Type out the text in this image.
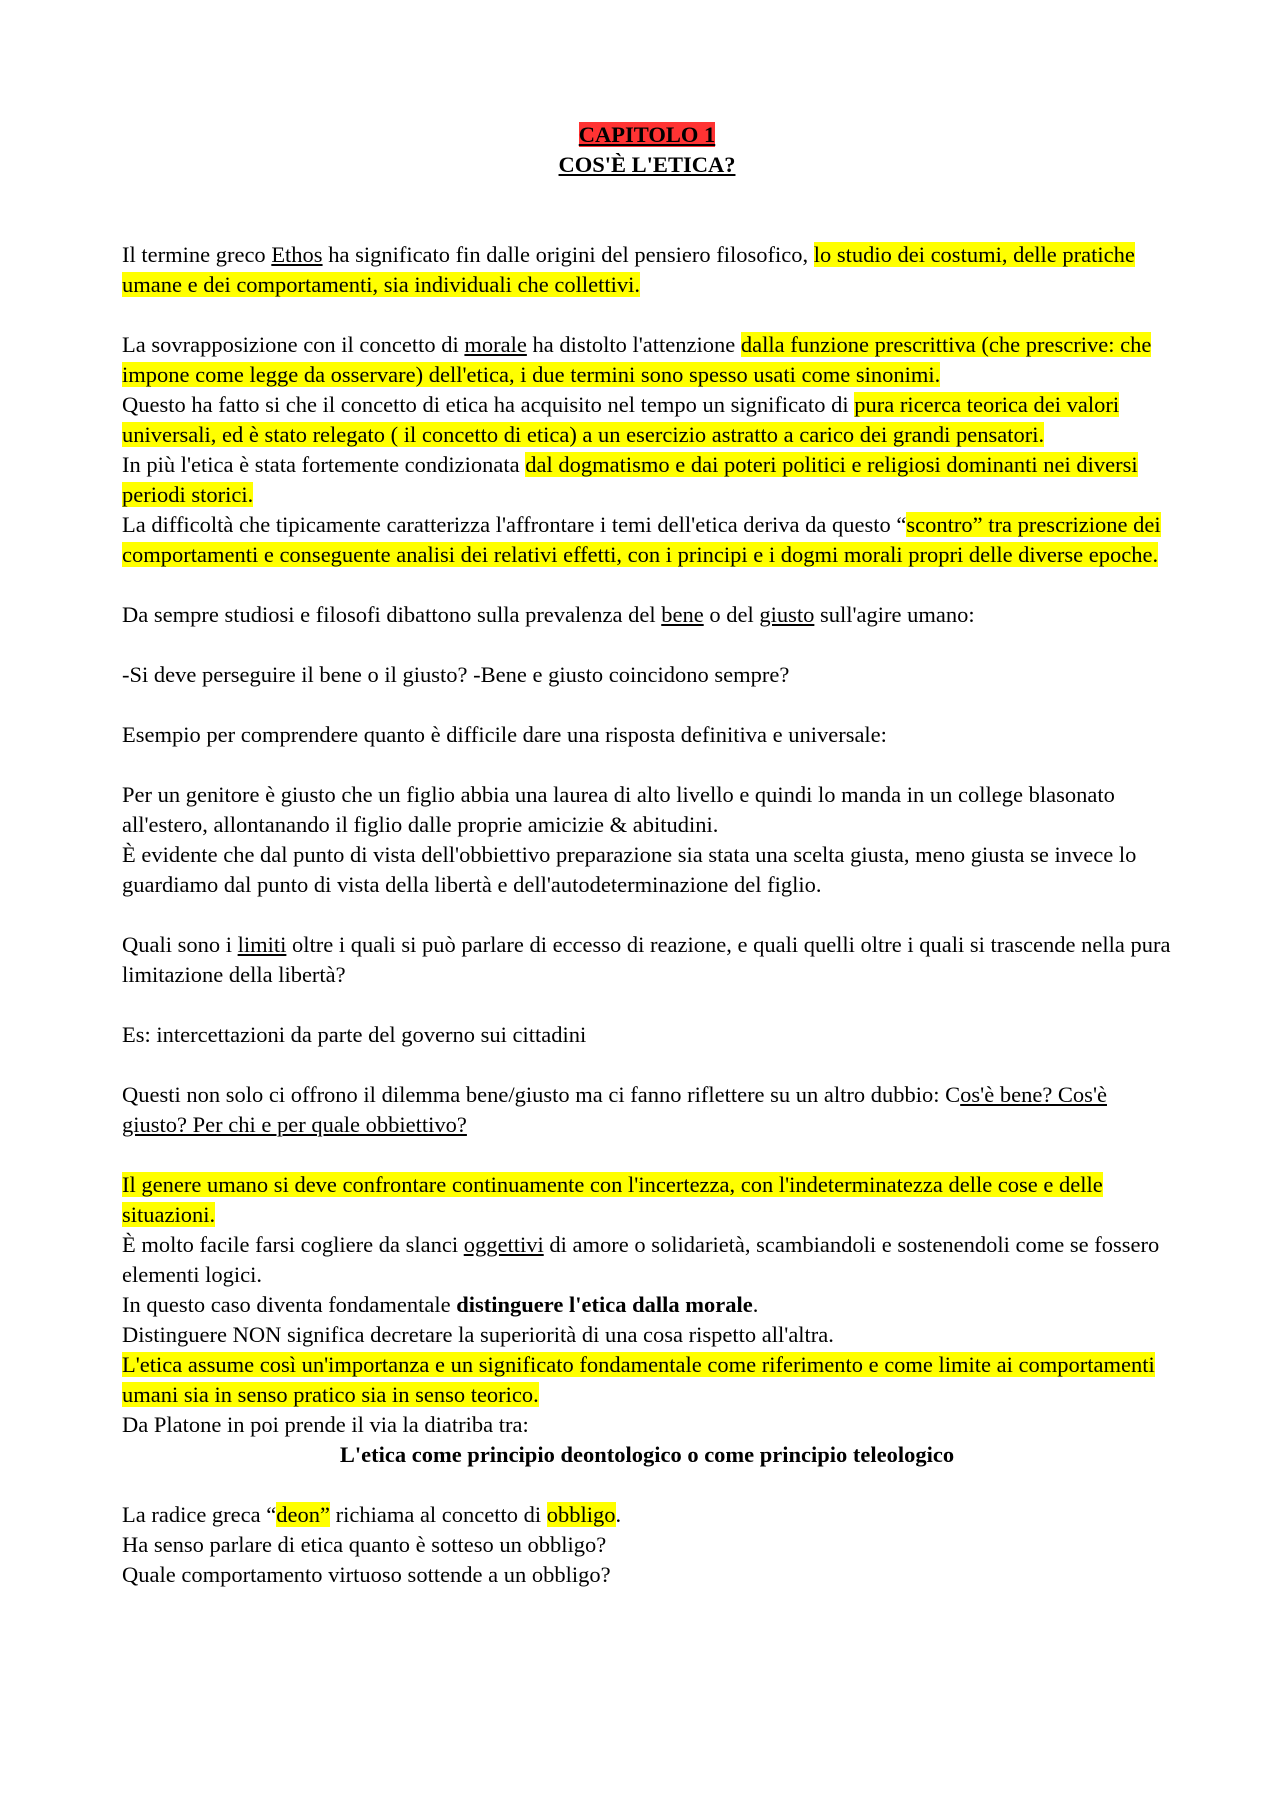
CAPITOLO 1

COS'È L'ETICA?

Il termine greco Ethos ha significato fin dalle origini del pensiero filosofico, lo studio dei costumi, delle pratiche umane e dei comportamenti, sia individuali che collettivi.

La sovrapposizione con il concetto di morale ha distolto l'attenzione dalla funzione prescrittiva (che prescrive: che impone come legge da osservare) dell'etica, i due termini sono spesso usati come sinonimi.

Questo ha fatto si che il concetto di etica ha acquisito nel tempo un significato di pura ricerca teorica dei valori universali, ed è stato relegato ( il concetto di etica) a un esercizio astratto a carico dei grandi pensatori.

In più l'etica è stata fortemente condizionata dal dogmatismo e dai poteri politici e religiosi dominanti nei diversi periodi storici.

La difficoltà che tipicamente caratterizza l'affrontare i temi dell'etica deriva da questo “scontro” tra prescrizione dei comportamenti e conseguente analisi dei relativi effetti, con i principi e i dogmi morali propri delle diverse epoche.

Da sempre studiosi e filosofi dibattono sulla prevalenza del bene o del giusto sull'agire umano:

-Si deve perseguire il bene o il giusto? -Bene e giusto coincidono sempre?

Esempio per comprendere quanto è difficile dare una risposta definitiva e universale:

Per un genitore è giusto che un figlio abbia una laurea di alto livello e quindi lo manda in un college blasonato all'estero, allontanando il figlio dalle proprie amicizie & abitudini.

È evidente che dal punto di vista dell'obbiettivo preparazione sia stata una scelta giusta, meno giusta se invece lo guardiamo dal punto di vista della libertà e dell'autodeterminazione del figlio.

Quali sono i limiti oltre i quali si può parlare di eccesso di reazione, e quali quelli oltre i quali si trascende nella pura limitazione della libertà?

Es: intercettazioni da parte del governo sui cittadini

Questi non solo ci offrono il dilemma bene/giusto ma ci fanno riflettere su un altro dubbio: Cos'è bene? Cos'è giusto? Per chi e per quale obbiettivo?

Il genere umano si deve confrontare continuamente con l'incertezza, con l'indeterminatezza delle cose e delle situazioni.

È molto facile farsi cogliere da slanci oggettivi di amore o solidarietà, scambiandoli e sostenendoli come se fossero elementi logici.

In questo caso diventa fondamentale distinguere l'etica dalla morale.

Distinguere NON significa decretare la superiorità di una cosa rispetto all'altra.

L'etica assume così un'importanza e un significato fondamentale come riferimento e come limite ai comportamenti umani sia in senso pratico sia in senso teorico.

Da Platone in poi prende il via la diatriba tra:

L'etica come principio deontologico o come principio teleologico

La radice greca “deon” richiama al concetto di obbligo.

Ha senso parlare di etica quanto è sotteso un obbligo?

Quale comportamento virtuoso sottende a un obbligo?
